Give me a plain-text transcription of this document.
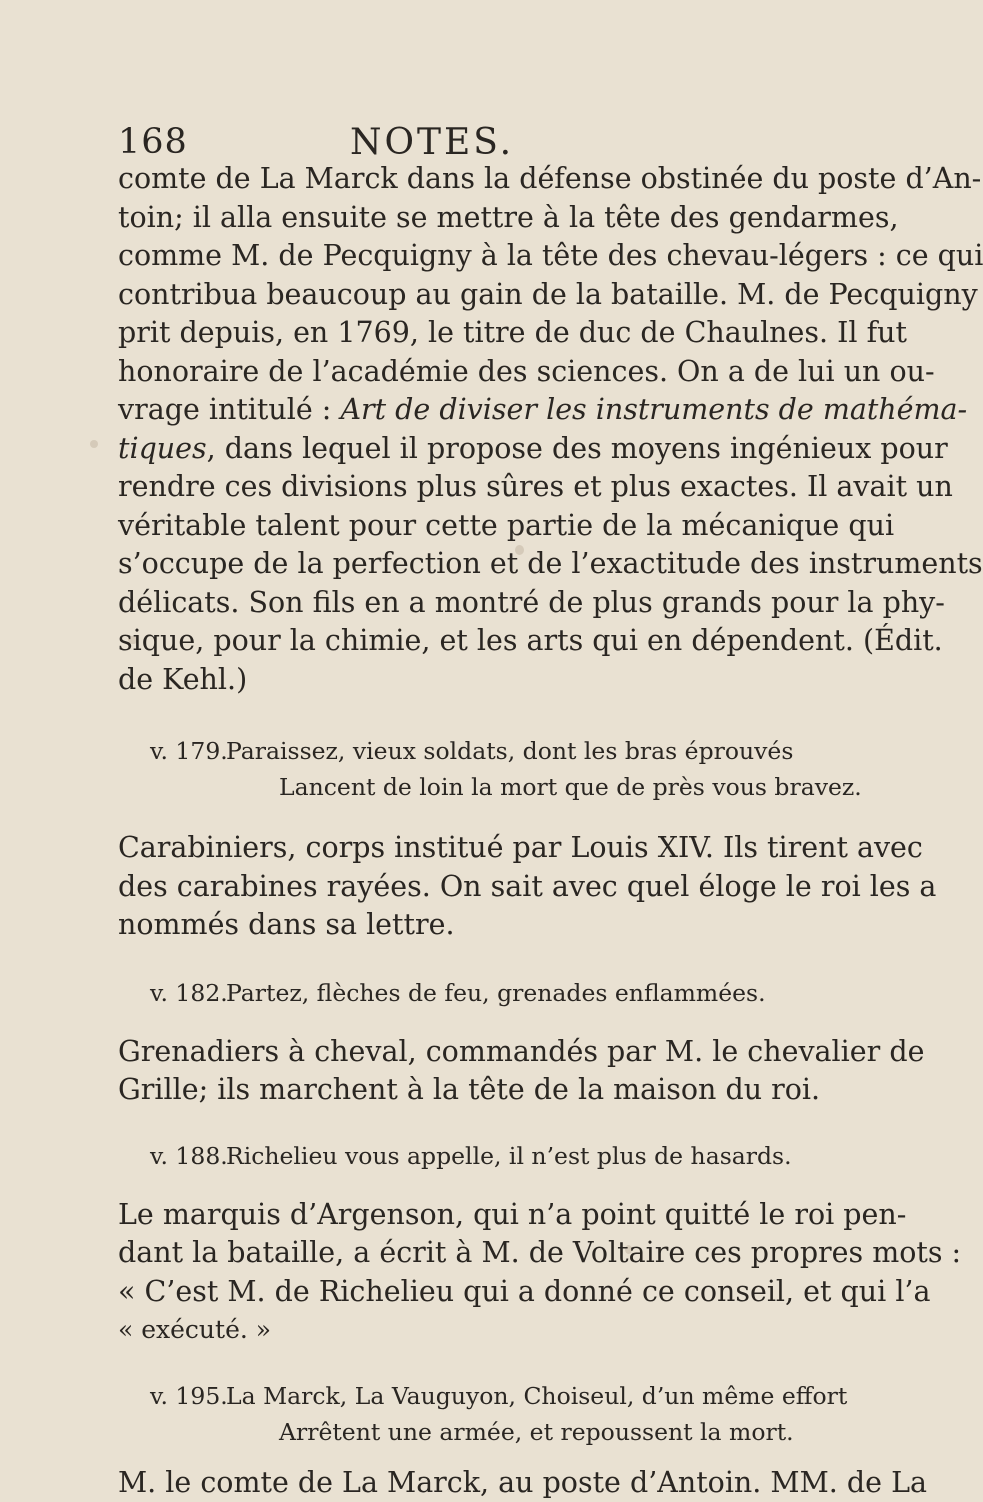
168	NOTES.
comte de La Marck dans la défense obstinée du poste d’An-
toin; il alla ensuite se mettre à la tête des gendarmes,
comme M. de Pecquigny à la tête des chevau-légers : ce qui
contribua beaucoup au gain de la bataille. M. de Pecquigny
prit depuis, en 1769, le titre de duc de Chaulnes. Il fut
honoraire de l’académie des sciences. On a de lui un ou-
vrage intitulé : Art de diviser les instruments de mathéma-
tiques, dans lequel il propose des moyens ingénieux pour
rendre ces divisions plus sûres et plus exactes. Il avait un
véritable talent pour cette partie de la mécanique qui
s’occupe de la perfection et de l’exactitude des instruments
délicats. Son fils en a montré de plus grands pour la phy-
sique, pour la chimie, et les arts qui en dépendent. (Édit.
de Kehl.)
v. 179.Paraissez, vieux soldats, dont les bras éprouvés
Lancent de loin la mort que de près vous bravez.
Carabiniers, corps institué par Louis XIV. Ils tirent avec
des carabines rayées. On sait avec quel éloge le roi les a
nommés dans sa lettre.
v. 182.Partez, flèches de feu, grenades enflammées.
Grenadiers à cheval, commandés par M. le chevalier de
Grille; ils marchent à la tête de la maison du roi.
v. 188.Richelieu vous appelle, il n’est plus de hasards.
Le marquis d’Argenson, qui n’a point quitté le roi pen-
dant la bataille, a écrit à M. de Voltaire ces propres mots :
« C’est M. de Richelieu qui a donné ce conseil, et qui l’a
« exécuté. »
v. 195.La Marck, La Vauguyon, Choiseul, d’un même effort
Arrêtent une armée, et repoussent la mort.
M. le comte de La Marck, au poste d’Antoin. MM. de La
